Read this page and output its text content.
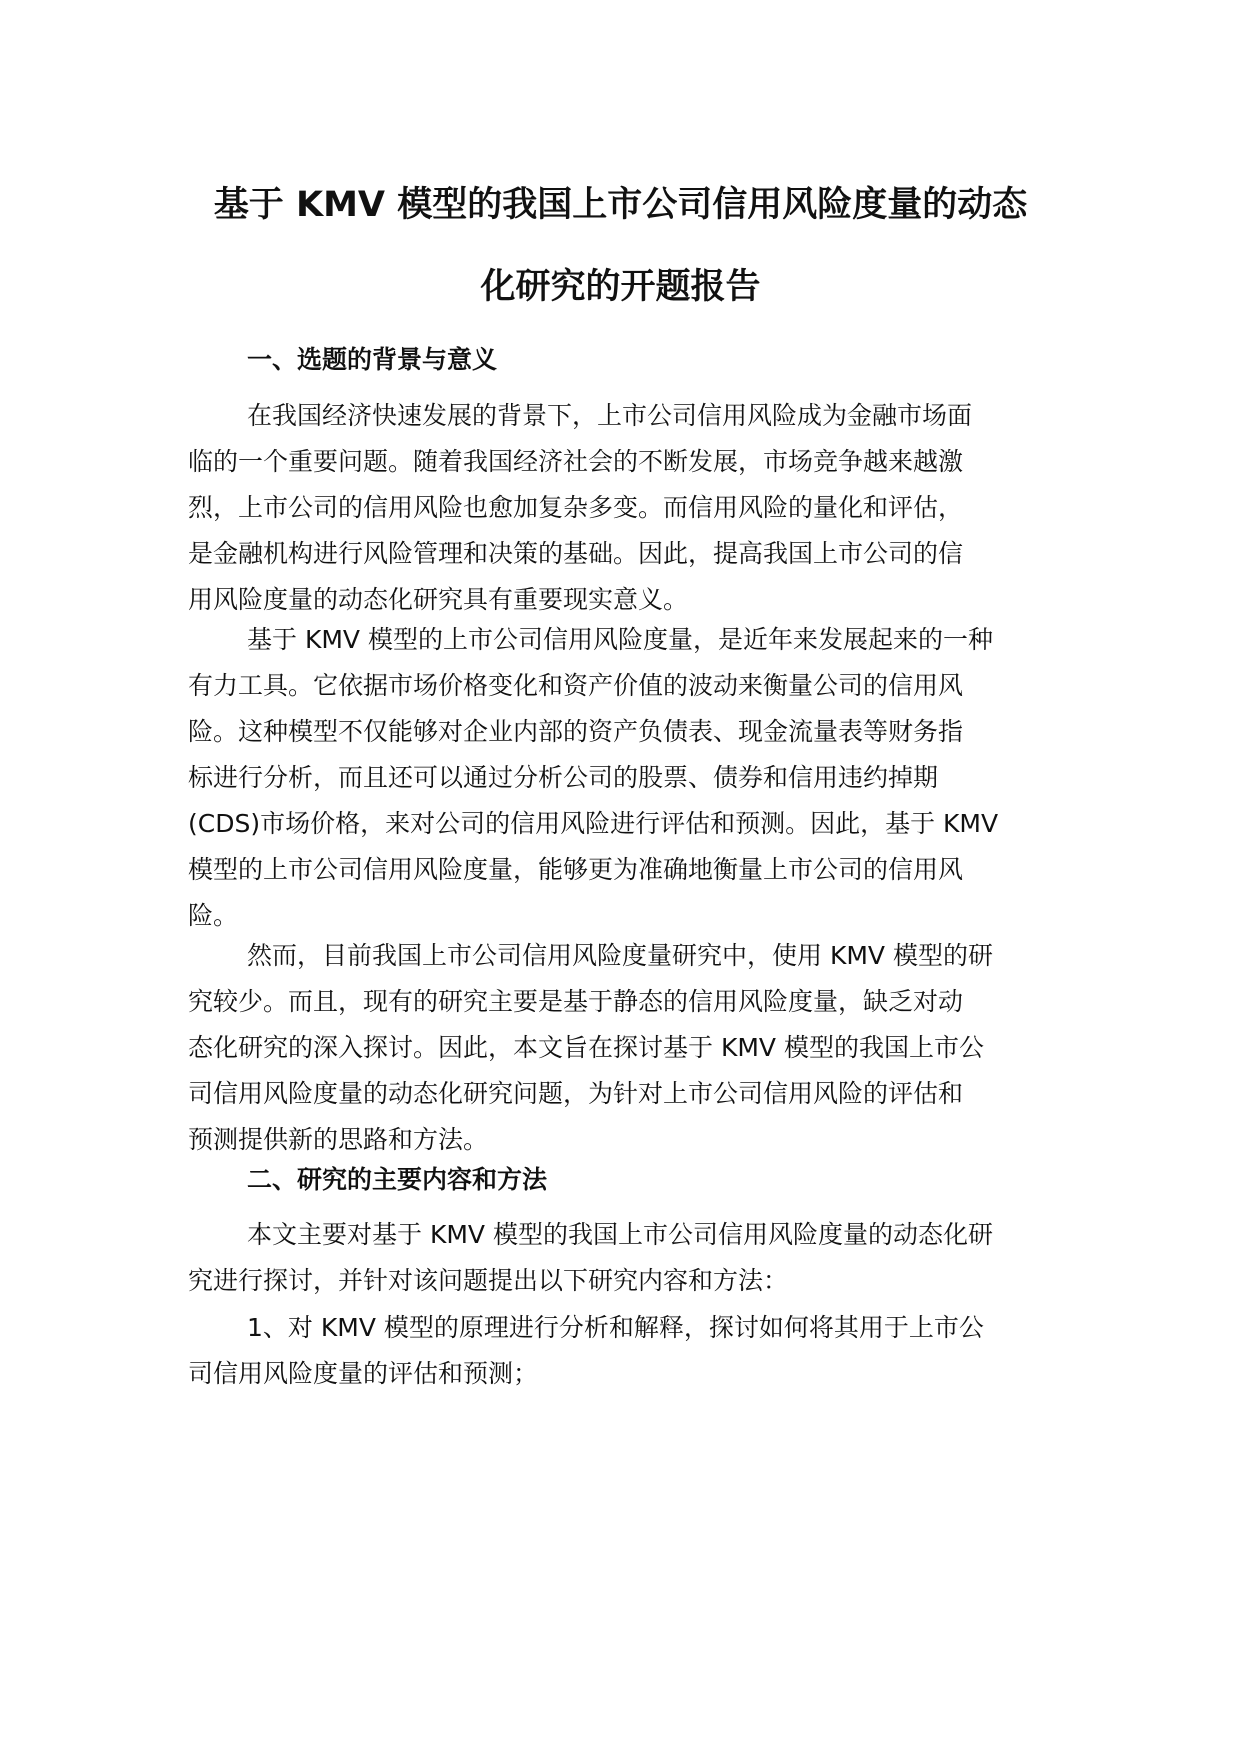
基于 KMV 模型的我国上市公司信用风险度量的动态
化研究的开题报告
一、选题的背景与意义
在我国经济快速发展的背景下，上市公司信用风险成为金融市场面
临的一个重要问题。随着我国经济社会的不断发展，市场竞争越来越激
烈，上市公司的信用风险也愈加复杂多变。而信用风险的量化和评估，
是金融机构进行风险管理和决策的基础。因此，提高我国上市公司的信
用风险度量的动态化研究具有重要现实意义。
基于 KMV 模型的上市公司信用风险度量，是近年来发展起来的一种
有力工具。它依据市场价格变化和资产价值的波动来衡量公司的信用风
险。这种模型不仅能够对企业内部的资产负债表、现金流量表等财务指
标进行分析，而且还可以通过分析公司的股票、债券和信用违约掉期
(CDS)市场价格，来对公司的信用风险进行评估和预测。因此，基于 KMV
模型的上市公司信用风险度量，能够更为准确地衡量上市公司的信用风
险。
然而，目前我国上市公司信用风险度量研究中，使用 KMV 模型的研
究较少。而且，现有的研究主要是基于静态的信用风险度量，缺乏对动
态化研究的深入探讨。因此，本文旨在探讨基于 KMV 模型的我国上市公
司信用风险度量的动态化研究问题，为针对上市公司信用风险的评估和
预测提供新的思路和方法。
二、研究的主要内容和方法
本文主要对基于 KMV 模型的我国上市公司信用风险度量的动态化研
究进行探讨，并针对该问题提出以下研究内容和方法：
1、对 KMV 模型的原理进行分析和解释，探讨如何将其用于上市公
司信用风险度量的评估和预测；
